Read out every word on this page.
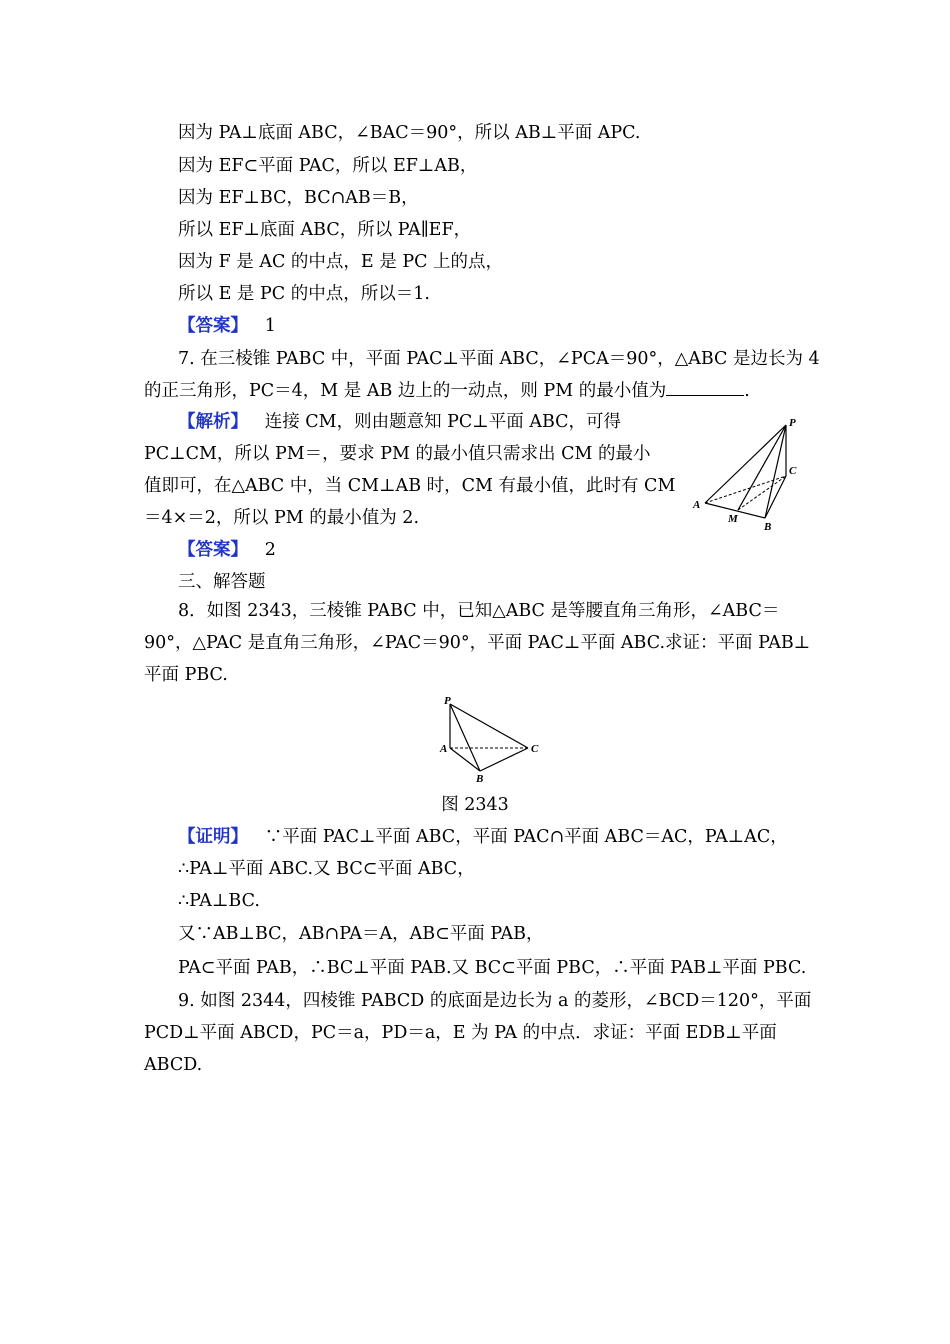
因为 PA⊥底面 ABC，∠BAC＝90°，所以 AB⊥平面 APC.
因为 EF⊂平面 PAC，所以 EF⊥AB，
因为 EF⊥BC，BC∩AB＝B，
所以 EF⊥底面 ABC，所以 PA∥EF，
因为 F 是 AC 的中点，E 是 PC 上的点，
所以 E 是 PC 的中点，所以＝1.
【答案】 1
7. 在三棱锥 PABC 中，平面 PAC⊥平面 ABC，∠PCA＝90°，△ABC 是边长为 4
的正三角形，PC＝4，M 是 AB 边上的一动点，则 PM 的最小值为	.
【解析】 连接 CM，则由题意知 PC⊥平面 ABC，可得
PC⊥CM，所以 PM＝，要求 PM 的最小值只需求出 CM 的最小
值即可，在△ABC 中，当 CM⊥AB 时，CM 有最小值，此时有 CM
＝4×＝2，所以 PM 的最小值为 2.
P
C
A
M
B
【答案】 2
三、解答题
8．如图 2343，三棱锥 PABC 中，已知△ABC 是等腰直角三角形，∠ABC＝
90°，△PAC 是直角三角形，∠PAC＝90°，平面 PAC⊥平面 ABC.求证：平面 PAB⊥
平面 PBC.
P
A	C
B
图 2343
【证明】 ∵平面 PAC⊥平面 ABC，平面 PAC∩平面 ABC＝AC，PA⊥AC，
∴PA⊥平面 ABC.又 BC⊂平面 ABC，
∴PA⊥BC.
又∵AB⊥BC，AB∩PA＝A，AB⊂平面 PAB，
PA⊂平面 PAB，∴BC⊥平面 PAB.又 BC⊂平面 PBC，∴平面 PAB⊥平面 PBC.
9. 如图 2344，四棱锥 PABCD 的底面是边长为 a 的菱形，∠BCD＝120°，平面
PCD⊥平面 ABCD，PC＝a，PD＝a，E 为 PA 的中点．求证：平面 EDB⊥平面
ABCD.
